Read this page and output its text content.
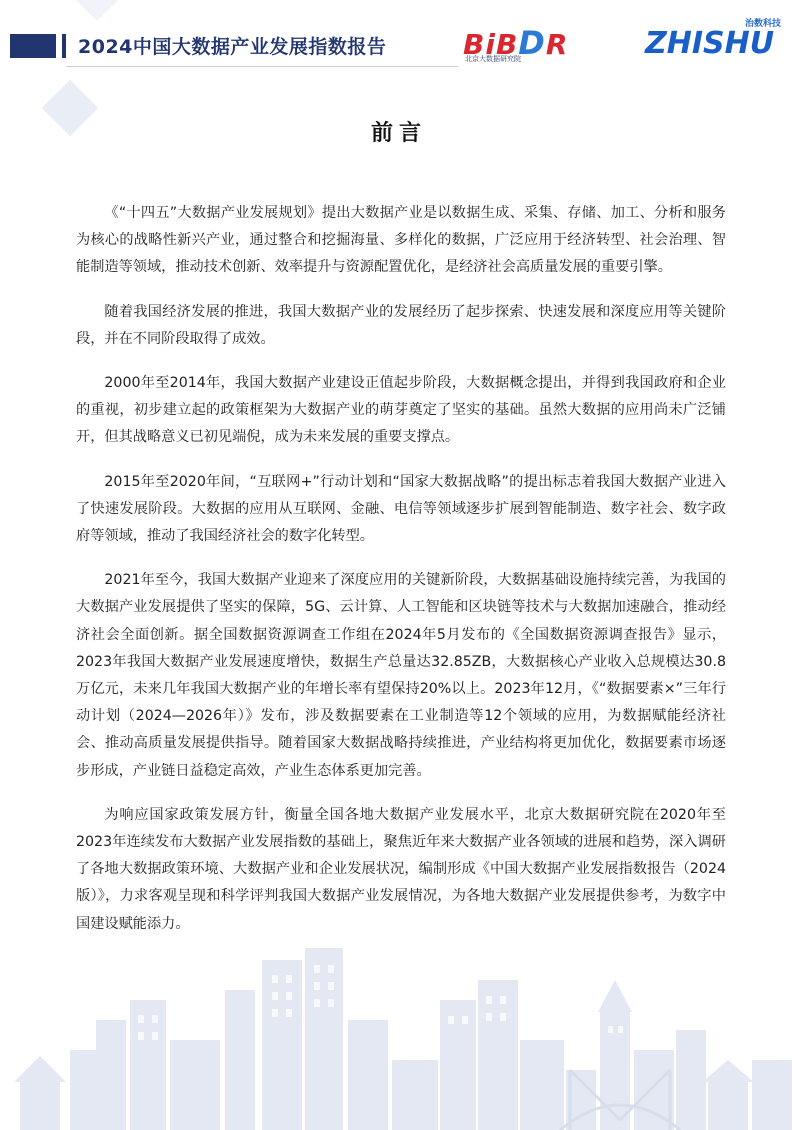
2024中国大数据产业发展指数报告	BiBDR
北京大数据研究院
治数科技
ZHISHU
前言

《“十四五”大数据产业发展规划》提出大数据产业是以数据生成、采集、存储、加工、分析和服务为核心的战略性新兴产业，通过整合和挖掘海量、多样化的数据，广泛应用于经济转型、社会治理、智能制造等领域，推动技术创新、效率提升与资源配置优化，是经济社会高质量发展的重要引擎。

随着我国经济发展的推进，我国大数据产业的发展经历了起步探索、快速发展和深度应用等关键阶段，并在不同阶段取得了成效。

2000年至2014年，我国大数据产业建设正值起步阶段，大数据概念提出，并得到我国政府和企业的重视，初步建立起的政策框架为大数据产业的萌芽奠定了坚实的基础。虽然大数据的应用尚未广泛铺开，但其战略意义已初见端倪，成为未来发展的重要支撑点。

2015年至2020年间，“互联网+”行动计划和“国家大数据战略”的提出标志着我国大数据产业进入了快速发展阶段。大数据的应用从互联网、金融、电信等领域逐步扩展到智能制造、数字社会、数字政府等领域，推动了我国经济社会的数字化转型。

2021年至今，我国大数据产业迎来了深度应用的关键新阶段，大数据基础设施持续完善，为我国的大数据产业发展提供了坚实的保障，5G、云计算、人工智能和区块链等技术与大数据加速融合，推动经济社会全面创新。据全国数据资源调查工作组在2024年5月发布的《全国数据资源调查报告》显示，2023年我国大数据产业发展速度增快，数据生产总量达32.85ZB，大数据核心产业收入总规模达30.8万亿元，未来几年我国大数据产业的年增长率有望保持20%以上。2023年12月，《“数据要素×”三年行动计划（2024—2026年）》发布，涉及数据要素在工业制造等12个领域的应用，为数据赋能经济社会、推动高质量发展提供指导。随着国家大数据战略持续推进，产业结构将更加优化，数据要素市场逐步形成，产业链日益稳定高效，产业生态体系更加完善。

为响应国家政策发展方针，衡量全国各地大数据产业发展水平，北京大数据研究院在2020年至2023年连续发布大数据产业发展指数的基础上，聚焦近年来大数据产业各领域的进展和趋势，深入调研了各地大数据政策环境、大数据产业和企业发展状况，编制形成《中国大数据产业发展指数报告（2024版）》，力求客观呈现和科学评判我国大数据产业发展情况，为各地大数据产业发展提供参考，为数字中国建设赋能添力。
